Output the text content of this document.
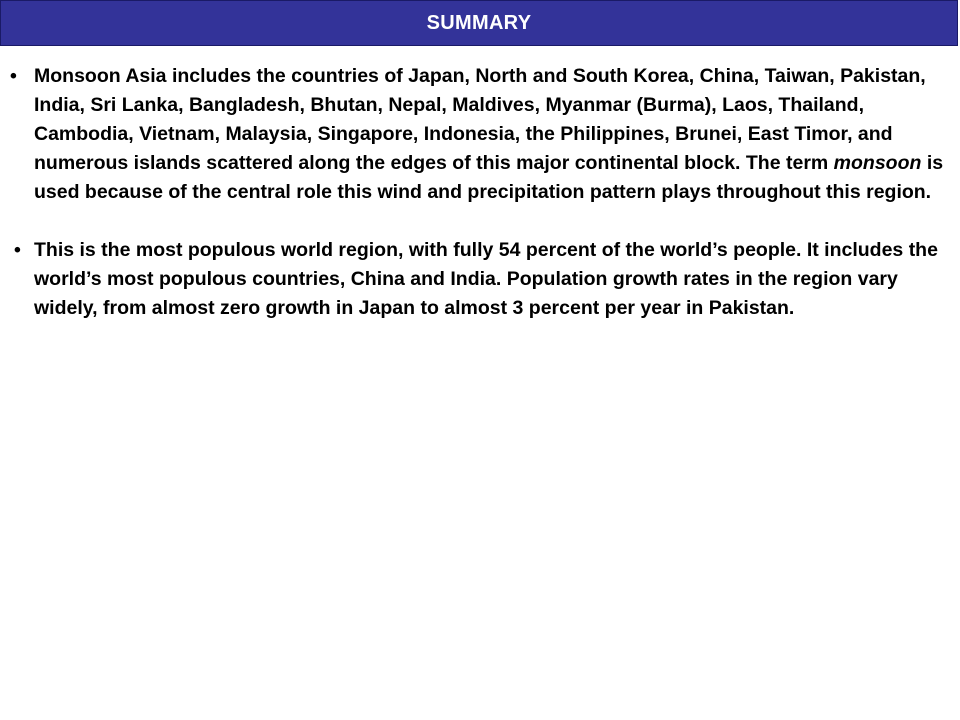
SUMMARY
• Monsoon Asia includes the countries of Japan, North and South Korea, China, Taiwan, Pakistan, India, Sri Lanka, Bangladesh, Bhutan, Nepal, Maldives, Myanmar (Burma), Laos, Thailand, Cambodia, Vietnam, Malaysia, Singapore, Indonesia, the Philippines, Brunei, East Timor, and numerous islands scattered along the edges of this major continental block. The term monsoon is used because of the central role this wind and precipitation pattern plays throughout this region.
• This is the most populous world region, with fully 54 percent of the world’s people. It includes the world’s most populous countries, China and India. Population growth rates in the region vary widely, from almost zero growth in Japan to almost 3 percent per year in Pakistan.
